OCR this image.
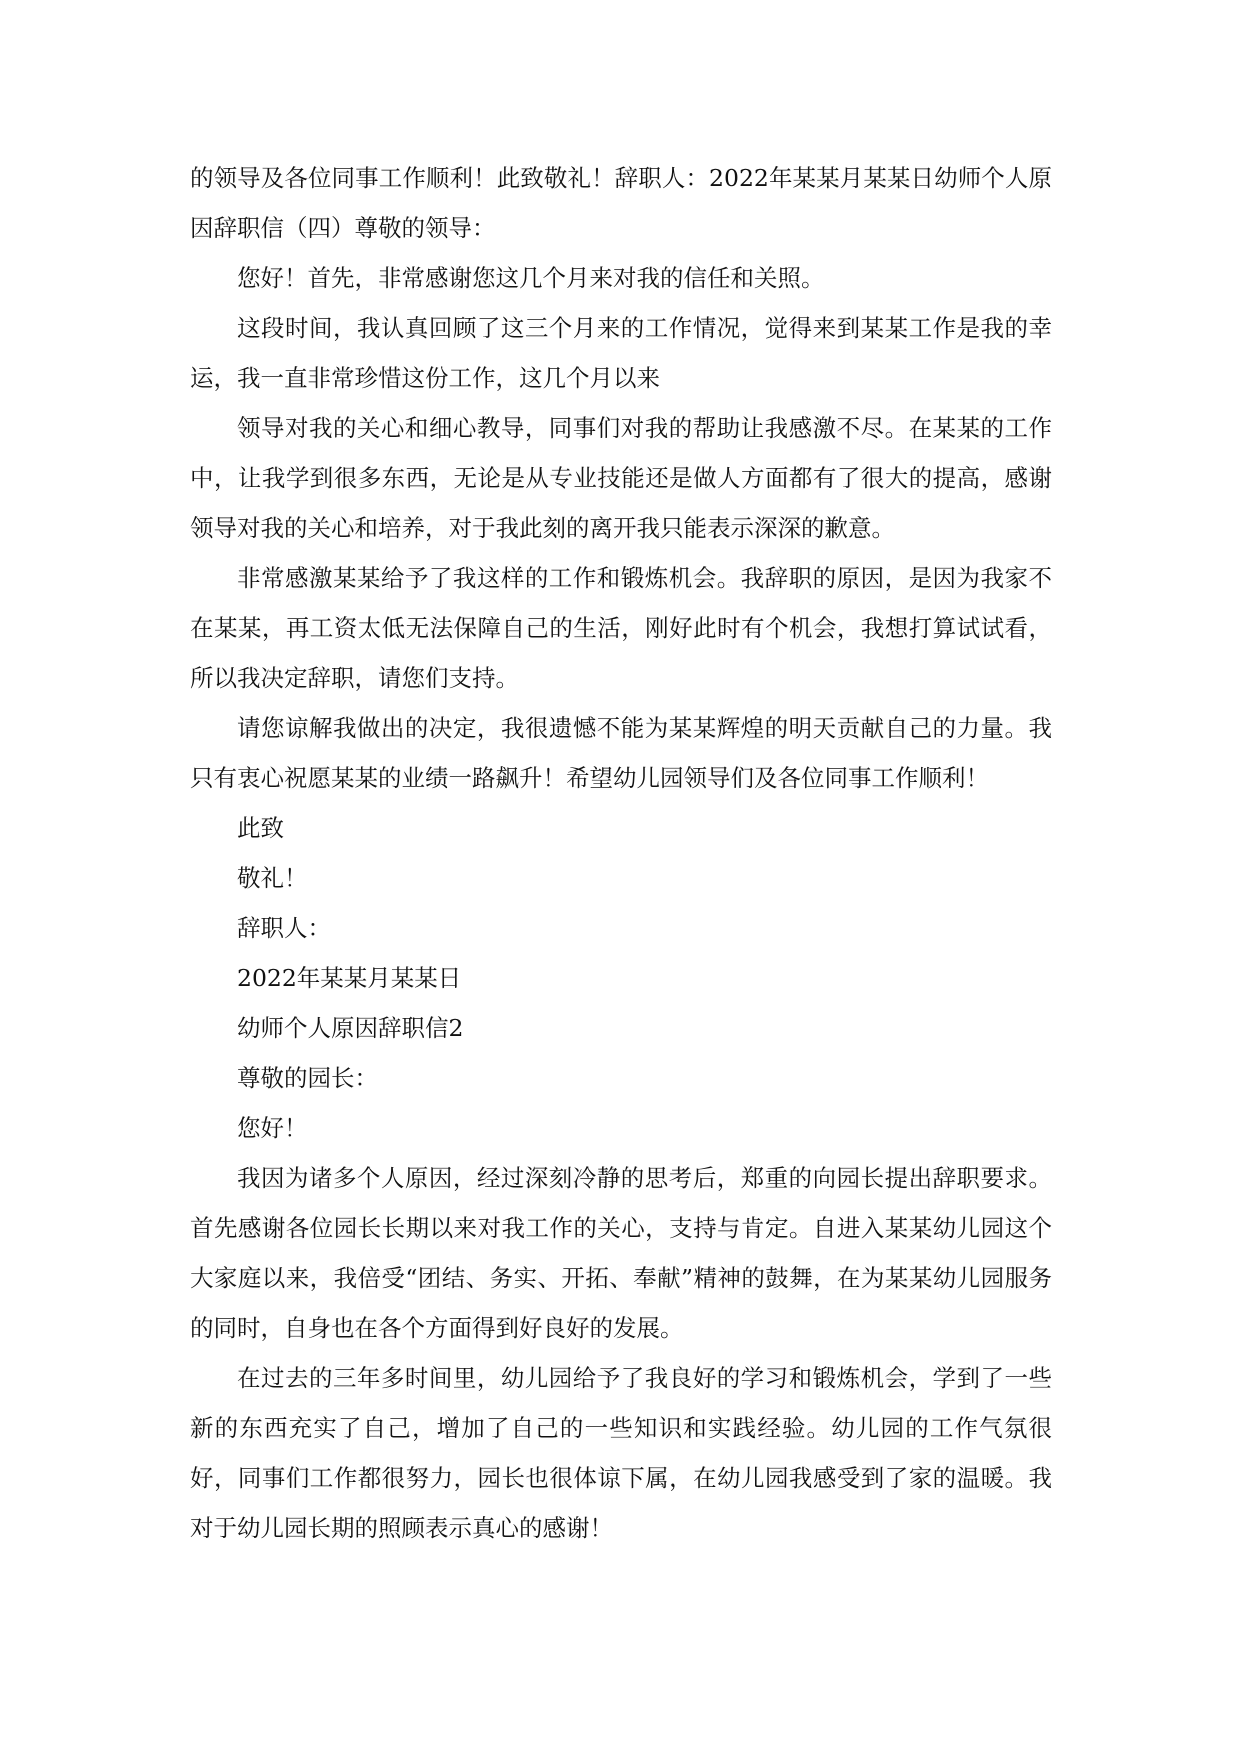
的领导及各位同事工作顺利！此致敬礼！辞职人：2022年某某月某某日幼师个人原因辞职信（四）尊敬的领导：

您好！首先，非常感谢您这几个月来对我的信任和关照。

这段时间，我认真回顾了这三个月来的工作情况，觉得来到某某工作是我的幸运，我一直非常珍惜这份工作，这几个月以来

领导对我的关心和细心教导，同事们对我的帮助让我感激不尽。在某某的工作中，让我学到很多东西，无论是从专业技能还是做人方面都有了很大的提高，感谢领导对我的关心和培养，对于我此刻的离开我只能表示深深的歉意。

非常感激某某给予了我这样的工作和锻炼机会。我辞职的原因，是因为我家不在某某，再工资太低无法保障自己的生活，刚好此时有个机会，我想打算试试看，所以我决定辞职，请您们支持。

请您谅解我做出的决定，我很遗憾不能为某某辉煌的明天贡献自己的力量。我只有衷心祝愿某某的业绩一路飙升！希望幼儿园领导们及各位同事工作顺利！

此致

敬礼！

辞职人：

2022年某某月某某日

幼师个人原因辞职信2

尊敬的园长：

您好！

我因为诸多个人原因，经过深刻冷静的思考后，郑重的向园长提出辞职要求。首先感谢各位园长长期以来对我工作的关心，支持与肯定。自进入某某幼儿园这个大家庭以来，我倍受“团结、务实、开拓、奉献”精神的鼓舞，在为某某幼儿园服务的同时，自身也在各个方面得到好良好的发展。

在过去的三年多时间里，幼儿园给予了我良好的学习和锻炼机会，学到了一些新的东西充实了自己，增加了自己的一些知识和实践经验。幼儿园的工作气氛很好，同事们工作都很努力，园长也很体谅下属，在幼儿园我感受到了家的温暖。我对于幼儿园长期的照顾表示真心的感谢！
